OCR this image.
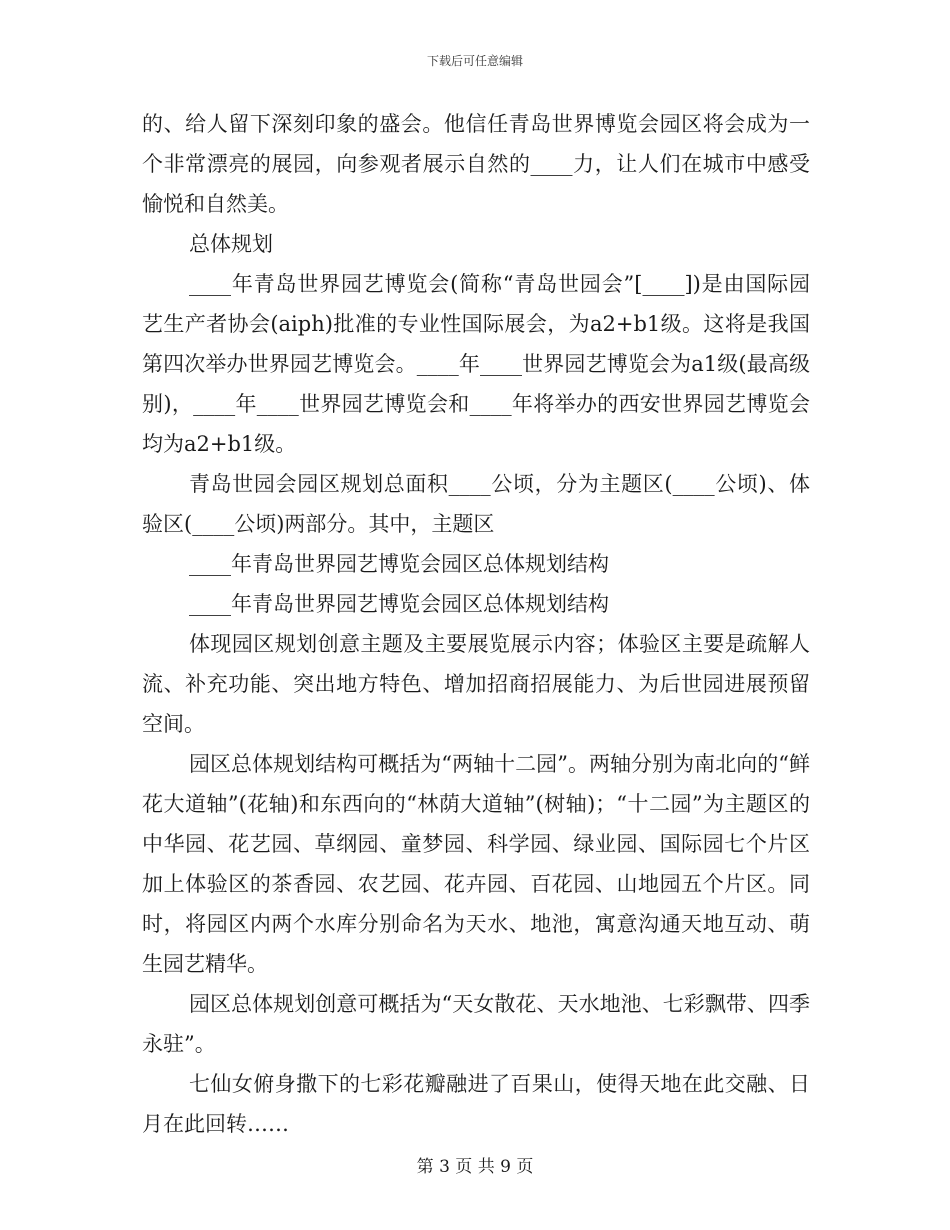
下载后可任意编辑

的、给人留下深刻印象的盛会。他信任青岛世界博览会园区将会成为一个非常漂亮的展园，向参观者展示自然的____力，让人们在城市中感受愉悦和自然美。

总体规划

____年青岛世界园艺博览会(简称“青岛世园会”[____])是由国际园艺生产者协会(aiph)批准的专业性国际展会，为a2+b1级。这将是我国第四次举办世界园艺博览会。____年____世界园艺博览会为a1级(最高级别)，____年____世界园艺博览会和____年将举办的西安世界园艺博览会均为a2+b1级。

青岛世园会园区规划总面积____公顷，分为主题区(____公顷)、体验区(____公顷)两部分。其中，主题区

____年青岛世界园艺博览会园区总体规划结构

____年青岛世界园艺博览会园区总体规划结构

体现园区规划创意主题及主要展览展示内容；体验区主要是疏解人流、补充功能、突出地方特色、增加招商招展能力、为后世园进展预留空间。

园区总体规划结构可概括为“两轴十二园”。两轴分别为南北向的“鲜花大道轴”(花轴)和东西向的“林荫大道轴”(树轴)；“十二园”为主题区的中华园、花艺园、草纲园、童梦园、科学园、绿业园、国际园七个片区加上体验区的茶香园、农艺园、花卉园、百花园、山地园五个片区。同时，将园区内两个水库分别命名为天水、地池，寓意沟通天地互动、萌生园艺精华。

园区总体规划创意可概括为“天女散花、天水地池、七彩飘带、四季永驻”。

七仙女俯身撒下的七彩花瓣融进了百果山，使得天地在此交融、日月在此回转……

第 3 页 共 9 页
